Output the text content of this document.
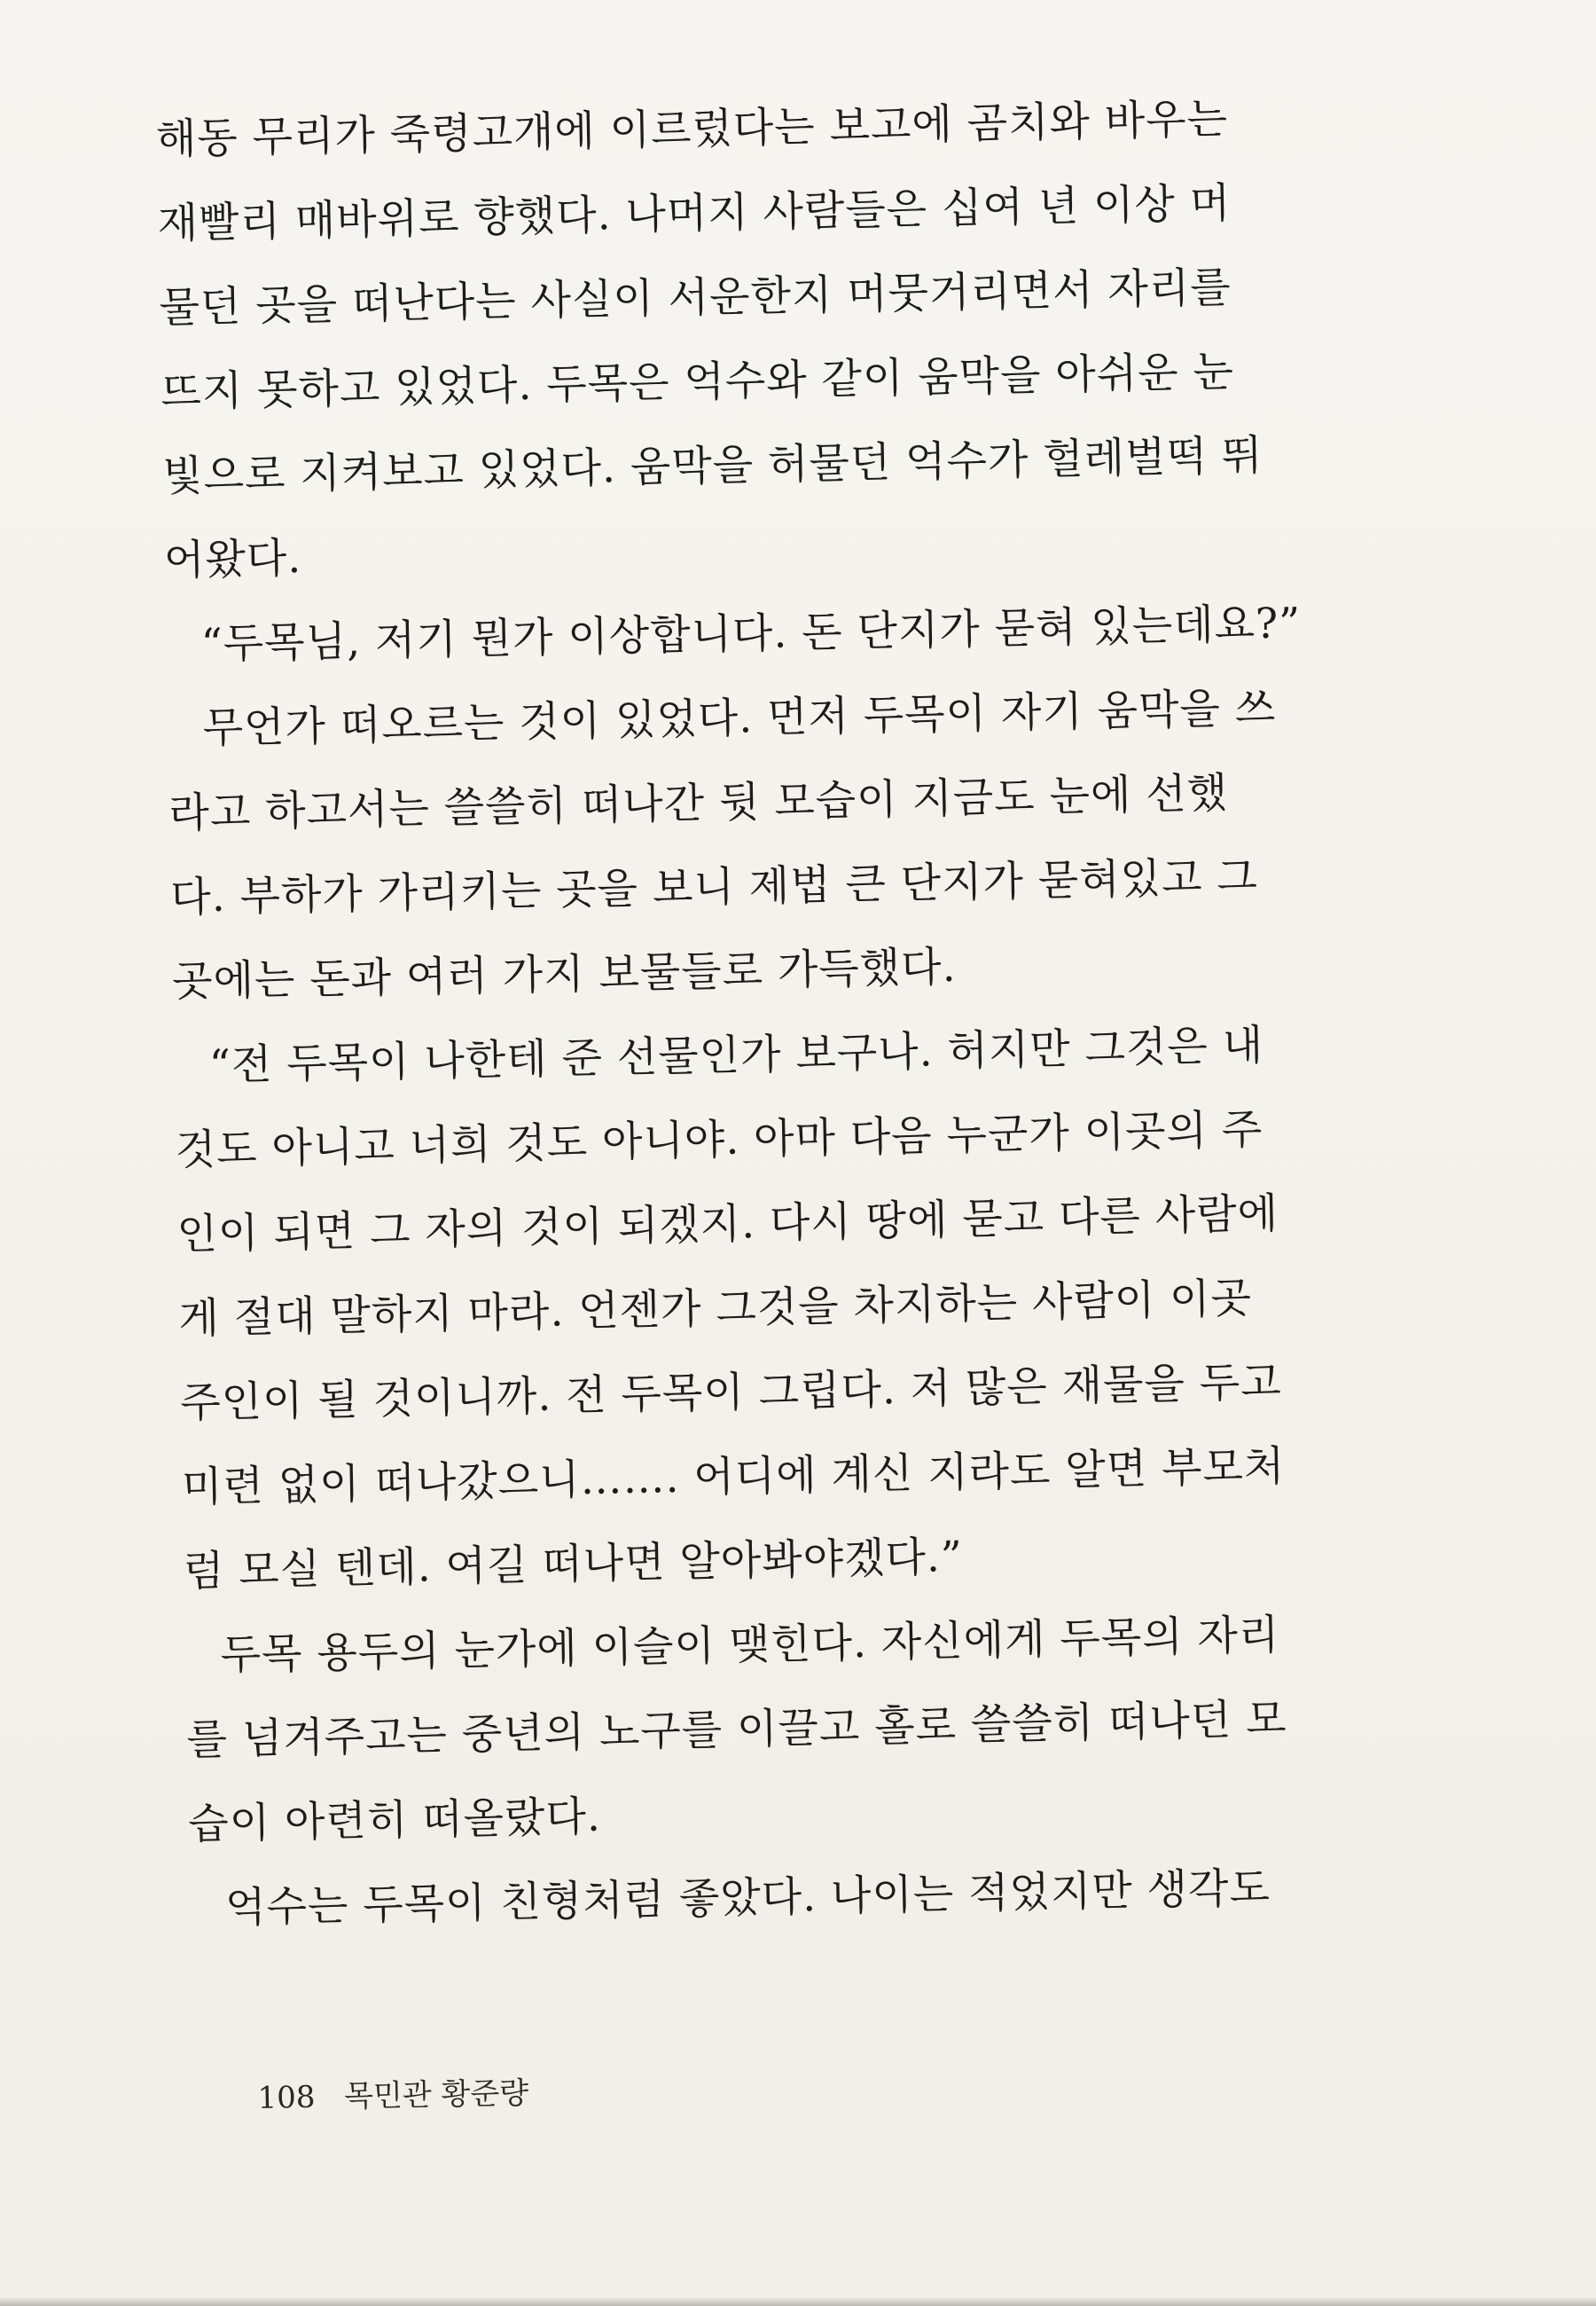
해동 무리가 죽령고개에 이르렀다는 보고에 곰치와 바우는
재빨리 매바위로 향했다. 나머지 사람들은 십여 년 이상 머
물던 곳을 떠난다는 사실이 서운한지 머뭇거리면서 자리를
뜨지 못하고 있었다. 두목은 억수와 같이 움막을 아쉬운 눈
빛으로 지켜보고 있었다. 움막을 허물던 억수가 헐레벌떡 뛰
어왔다.
“두목님, 저기 뭔가 이상합니다. 돈 단지가 묻혀 있는데요?”
무언가 떠오르는 것이 있었다. 먼저 두목이 자기 움막을 쓰
라고 하고서는 쓸쓸히 떠나간 뒷 모습이 지금도 눈에 선했
다. 부하가 가리키는 곳을 보니 제법 큰 단지가 묻혀있고 그
곳에는 돈과 여러 가지 보물들로 가득했다.
“전 두목이 나한테 준 선물인가 보구나. 허지만 그것은 내
것도 아니고 너희 것도 아니야. 아마 다음 누군가 이곳의 주
인이 되면 그 자의 것이 되겠지. 다시 땅에 묻고 다른 사람에
게 절대 말하지 마라. 언젠가 그것을 차지하는 사람이 이곳
주인이 될 것이니까. 전 두목이 그립다. 저 많은 재물을 두고
미련 없이 떠나갔으니……. 어디에 계신 지라도 알면 부모처
럼 모실 텐데. 여길 떠나면 알아봐야겠다.”
두목 용두의 눈가에 이슬이 맺힌다. 자신에게 두목의 자리
를 넘겨주고는 중년의 노구를 이끌고 홀로 쓸쓸히 떠나던 모
습이 아련히 떠올랐다.
억수는 두목이 친형처럼 좋았다. 나이는 적었지만 생각도
108 목민관 황준량
